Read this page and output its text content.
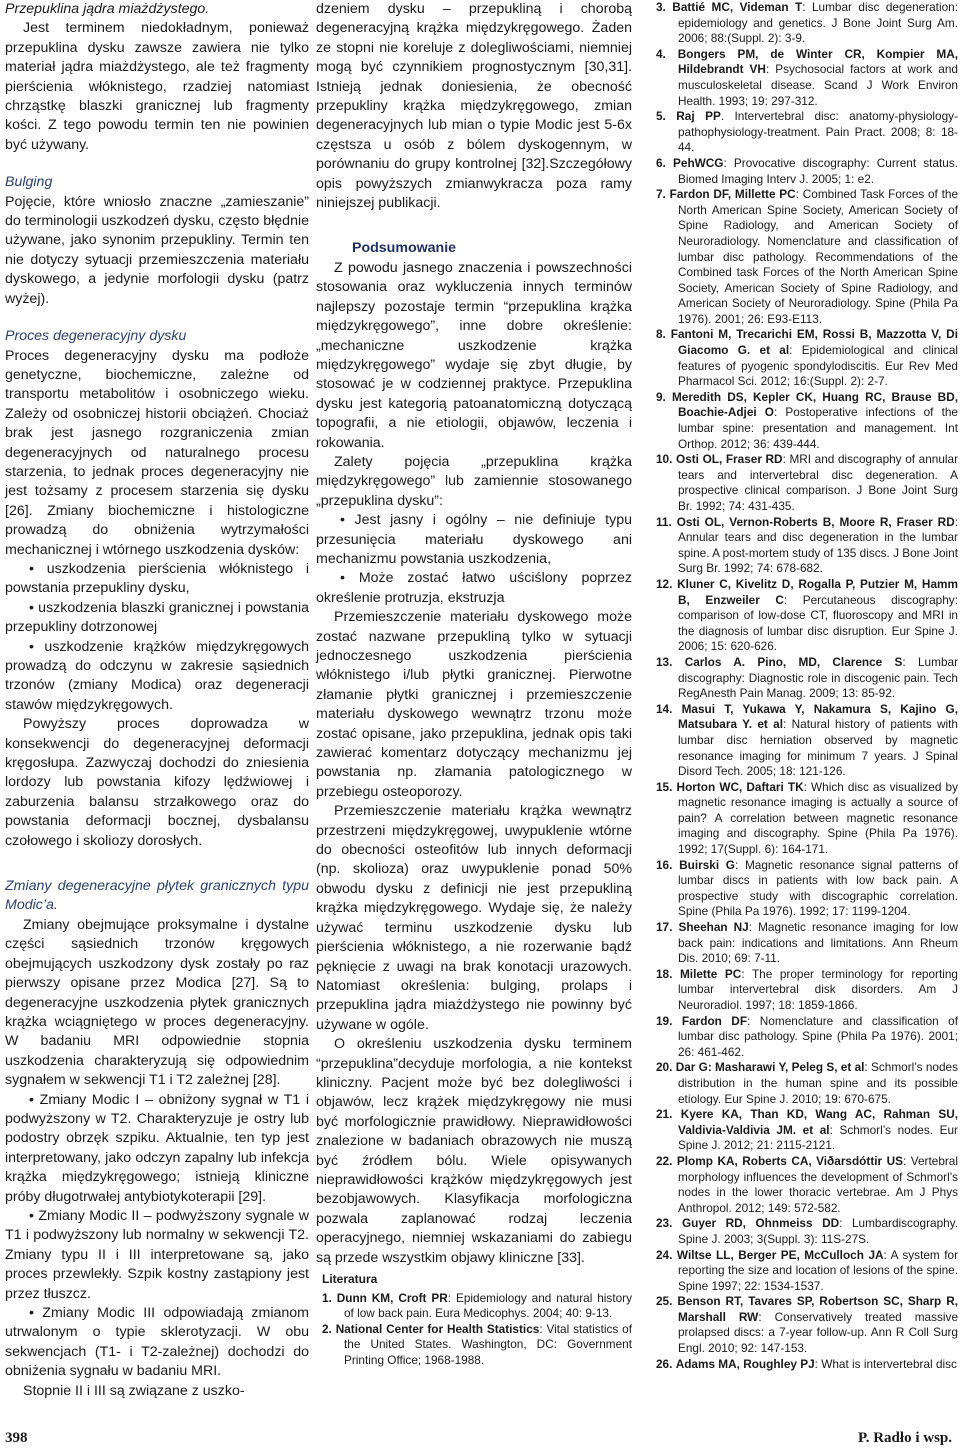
Przepuklina jądra miażdżystego.

Jest terminem niedokładnym, ponieważ przepuklina dysku zawsze zawiera nie tylko materiał jądra miażdżystego, ale też fragmenty pierścienia włóknistego, rzadziej natomiast chrząstkę blaszki granicznej lub fragmenty kości. Z tego powodu termin ten nie powinien być używany.

Bulging

Pojęcie, które wniosło znaczne „zamieszanie” do terminologii uszkodzeń dysku, często błędnie używane, jako synonim przepukliny. Termin ten nie dotyczy sytuacji przemieszczenia materiału dyskowego, a jedynie morfologii dysku (patrz wyżej).

Proces degeneracyjny dysku

Proces degeneracyjny dysku ma podłoże genetyczne, biochemiczne, zależne od transportu metabolitów i osobniczego wieku. Zależy od osobniczej historii obciążeń. Chociaż brak jest jasnego rozgraniczenia zmian degeneracyjnych od naturalnego procesu starzenia, to jednak proces degeneracyjny nie jest tożsamy z procesem starzenia się dysku [26]. Zmiany biochemiczne i histologiczne prowadzą do obniżenia wytrzymałości mechanicznej i wtórnego uszkodzenia dysków:

• uszkodzenia pierścienia włóknistego i powstania przepukliny dysku,

• uszkodzenia blaszki granicznej i powstania przepukliny dotrzonowej

• uszkodzenie krążków międzykręgowych prowadzą do odczynu w zakresie sąsiednich trzonów (zmiany Modica) oraz degeneracji stawów międzykręgowych.

Powyższy proces doprowadza w konsekwencji do degeneracyjnej deformacji kręgosłupa. Zazwyczaj dochodzi do zniesienia lordozy lub powstania kifozy lędźwiowej i zaburzenia balansu strzałkowego oraz do powstania deformacji bocznej, dysbalansu czołowego i skoliozy dorosłych.

Zmiany degeneracyjne płytek granicznych typu Modic’a.

Zmiany obejmujące proksymalne i dystalne części sąsiednich trzonów kręgowych obejmujących uszkodzony dysk zostały po raz pierwszy opisane przez Modica [27]. Są to degeneracyjne uszkodzenia płytek granicznych krążka wciągniętego w proces degeneracyjny. W badaniu MRI odpowiednie stopnia uszkodzenia charakteryzują się odpowiednim sygnałem w sekwencji T1 i T2 zależnej [28].

• Zmiany Modic I – obniżony sygnał w T1 i podwyższony w T2. Charakteryzuje je ostry lub podostry obrzęk szpiku. Aktualnie, ten typ jest interpretowany, jako odczyn zapalny lub infekcja krążka międzykręgowego; istnieją kliniczne próby długotrwałej antybiotykoterapii [29].

• Zmiany Modic II – podwyższony sygnale w T1 i podwyższony lub normalny w sekwencji T2. Zmiany typu II i III interpretowane są, jako proces przewlekły. Szpik kostny zastąpiony jest przez tłuszcz.

• Zmiany Modic III odpowiadają zmianom utrwalonym o typie sklerotyzacji. W obu sekwencjach (T1- i T2-zależnej) dochodzi do obniżenia sygnału w badaniu MRI.

Stopnie II i III są związane z uszko-

dzeniem dysku – przepukliną i chorobą degeneracyjną krążka międzykręgowego. Żaden ze stopni nie koreluje z dolegliwościami, niemniej mogą być czynnikiem prognostycznym [30,31]. Istnieją jednak doniesienia, że obecność przepukliny krążka międzykręgowego, zmian degeneracyjnych lub mian o typie Modic jest 5-6x częstsza u osób z bólem dyskogennym, w porównaniu do grupy kontrolnej [32].Szczegółowy opis powyższych zmianwykracza poza ramy niniejszej publikacji.

Podsumowanie

Z powodu jasnego znaczenia i powszechności stosowania oraz wykluczenia innych terminów najlepszy pozostaje termin “przepuklina krążka międzykręgowego”, inne dobre określenie: „mechaniczne uszkodzenie krążka międzykręgowego” wydaje się zbyt długie, by stosować je w codziennej praktyce. Przepuklina dysku jest kategorią patoanatomiczną dotyczącą topografii, a nie etiologii, objawów, leczenia i rokowania.

Zalety pojęcia „przepuklina krążka międzykręgowego” lub zamiennie stosowanego „przepuklina dysku”:

• Jest jasny i ogólny – nie definiuje typu przesunięcia materiału dyskowego ani mechanizmu powstania uszkodzenia,

• Może zostać łatwo uściślony poprzez określenie protruzja, ekstruzja

Przemieszczenie materiału dyskowego może zostać nazwane przepukliną tylko w sytuacji jednoczesnego uszkodzenia pierścienia włóknistego i/lub płytki granicznej. Pierwotne złamanie płytki granicznej i przemieszczenie materiału dyskowego wewnątrz trzonu może zostać opisane, jako przepuklina, jednak opis taki zawierać komentarz dotyczący mechanizmu jej powstania np. złamania patologicznego w przebiegu osteoporozy.

Przemieszczenie materiału krążka wewnątrz przestrzeni międzykręgowej, uwypuklenie wtórne do obecności osteofitów lub innych deformacji (np. skolioza) oraz uwypuklenie ponad 50% obwodu dysku z definicji nie jest przepukliną krążka międzykręgowego. Wydaje się, że należy używać terminu uszkodzenie dysku lub pierścienia włóknistego, a nie rozerwanie bądź pęknięcie z uwagi na brak konotacji urazowych. Natomiast określenia: bulging, prolaps i przepuklina jądra miażdżystego nie powinny być używane w ogóle.

O określeniu uszkodzenia dysku terminem “przepuklina”decyduje morfologia, a nie kontekst kliniczny. Pacjent może być bez dolegliwości i objawów, lecz krążek międzykręgowy nie musi być morfologicznie prawidłowy. Nieprawidłowości znalezione w badaniach obrazowych nie muszą być źródłem bólu. Wiele opisywanych nieprawidłowości krążków międzykręgowych jest bezobjawowych. Klasyfikacja morfologiczna pozwala zaplanować rodzaj leczenia operacyjnego, niemniej wskazaniami do zabiegu są przede wszystkim objawy kliniczne [33].

Literatura

1. Dunn KM, Croft PR: Epidemiology and natural history of low back pain. Eura Medicophys. 2004; 40: 9-13.

2. National Center for Health Statistics: Vital statistics of the United States. Washington, DC: Government Printing Office; 1968-1988.

3. Battié MC, Videman T: Lumbar disc degeneration: epidemiology and genetics. J Bone Joint Surg Am. 2006; 88:(Suppl. 2): 3-9.

4. Bongers PM, de Winter CR, Kompier MA, Hildebrandt VH: Psychosocial factors at work and musculoskeletal disease. Scand J Work Environ Health. 1993; 19: 297-312.

5. Raj PP. Intervertebral disc: anatomy-physiology-pathophysiology-treatment. Pain Pract. 2008; 8: 18-44.

6. PehWCG: Provocative discography: Current status. Biomed Imaging Interv J. 2005; 1: e2.

7. Fardon DF, Millette PC: Combined Task Forces of the North American Spine Society, American Society of Spine Radiology, and American Society of Neuroradiology. Nomenclature and classification of lumbar disc pathology. Recommendations of the Combined task Forces of the North American Spine Society, American Society of Spine Radiology, and American Society of Neuroradiology. Spine (Phila Pa 1976). 2001; 26: E93-E113.

8. Fantoni M, Trecarichi EM, Rossi B, Mazzotta V, Di Giacomo G. et al: Epidemiological and clinical features of pyogenic spondylodiscitis. Eur Rev Med Pharmacol Sci. 2012; 16:(Suppl. 2): 2-7.

9. Meredith DS, Kepler CK, Huang RC, Brause BD, Boachie-Adjei O: Postoperative infections of the lumbar spine: presentation and management. Int Orthop. 2012; 36: 439-444.

10. Osti OL, Fraser RD: MRI and discography of annular tears and intervertebral disc degeneration. A prospective clinical comparison. J Bone Joint Surg Br. 1992; 74: 431-435.

11. Osti OL, Vernon-Roberts B, Moore R, Fraser RD: Annular tears and disc degeneration in the lumbar spine. A post-mortem study of 135 discs. J Bone Joint Surg Br. 1992; 74: 678-682.

12. Kluner C, Kivelitz D, Rogalla P, Putzier M, Hamm B, Enzweiler C: Percutaneous discography: comparison of low-dose CT, fluoroscopy and MRI in the diagnosis of lumbar disc disruption. Eur Spine J. 2006; 15: 620-626.

13. Carlos A. Pino, MD, Clarence S: Lumbar discography: Diagnostic role in discogenic pain. Tech RegAnesth Pain Manag. 2009; 13: 85-92.

14. Masui T, Yukawa Y, Nakamura S, Kajino G, Matsubara Y. et al: Natural history of patients with lumbar disc herniation observed by magnetic resonance imaging for minimum 7 years. J Spinal Disord Tech. 2005; 18: 121-126.

15. Horton WC, Daftari TK: Which disc as visualized by magnetic resonance imaging is actually a source of pain? A correlation between magnetic resonance imaging and discography. Spine (Phila Pa 1976). 1992; 17(Suppl. 6): 164-171.

16. Buirski G: Magnetic resonance signal patterns of lumbar discs in patients with low back pain. A prospective study with discographic correlation. Spine (Phila Pa 1976). 1992; 17: 1199-1204.

17. Sheehan NJ: Magnetic resonance imaging for low back pain: indications and limitations. Ann Rheum Dis. 2010; 69: 7-11.

18. Milette PC: The proper terminology for reporting lumbar intervertebral disk disorders. Am J Neuroradiol. 1997; 18: 1859-1866.

19. Fardon DF: Nomenclature and classification of lumbar disc pathology. Spine (Phila Pa 1976). 2001; 26: 461-462.

20. Dar G: Masharawi Y, Peleg S, et al: Schmorl’s nodes distribution in the human spine and its possible etiology. Eur Spine J. 2010; 19: 670-675.

21. Kyere KA, Than KD, Wang AC, Rahman SU, Valdivia-Valdivia JM. et al: Schmorl’s nodes. Eur Spine J. 2012; 21: 2115-2121.

22. Plomp KA, Roberts CA, Viðarsdóttir US: Vertebral morphology influences the development of Schmorl’s nodes in the lower thoracic vertebrae. Am J Phys Anthropol. 2012; 149: 572-582.

23. Guyer RD, Ohnmeiss DD: Lumbardiscography. Spine J. 2003; 3(Suppl. 3): 11S-27S.

24. Wiltse LL, Berger PE, McCulloch JA: A system for reporting the size and location of lesions of the spine. Spine 1997; 22: 1534-1537.

25. Benson RT, Tavares SP, Robertson SC, Sharp R, Marshall RW: Conservatively treated massive prolapsed discs: a 7-year follow-up. Ann R Coll Surg Engl. 2010; 92: 147-153.

26. Adams MA, Roughley PJ: What is intervertebral disc

398	P. Radło i wsp.
